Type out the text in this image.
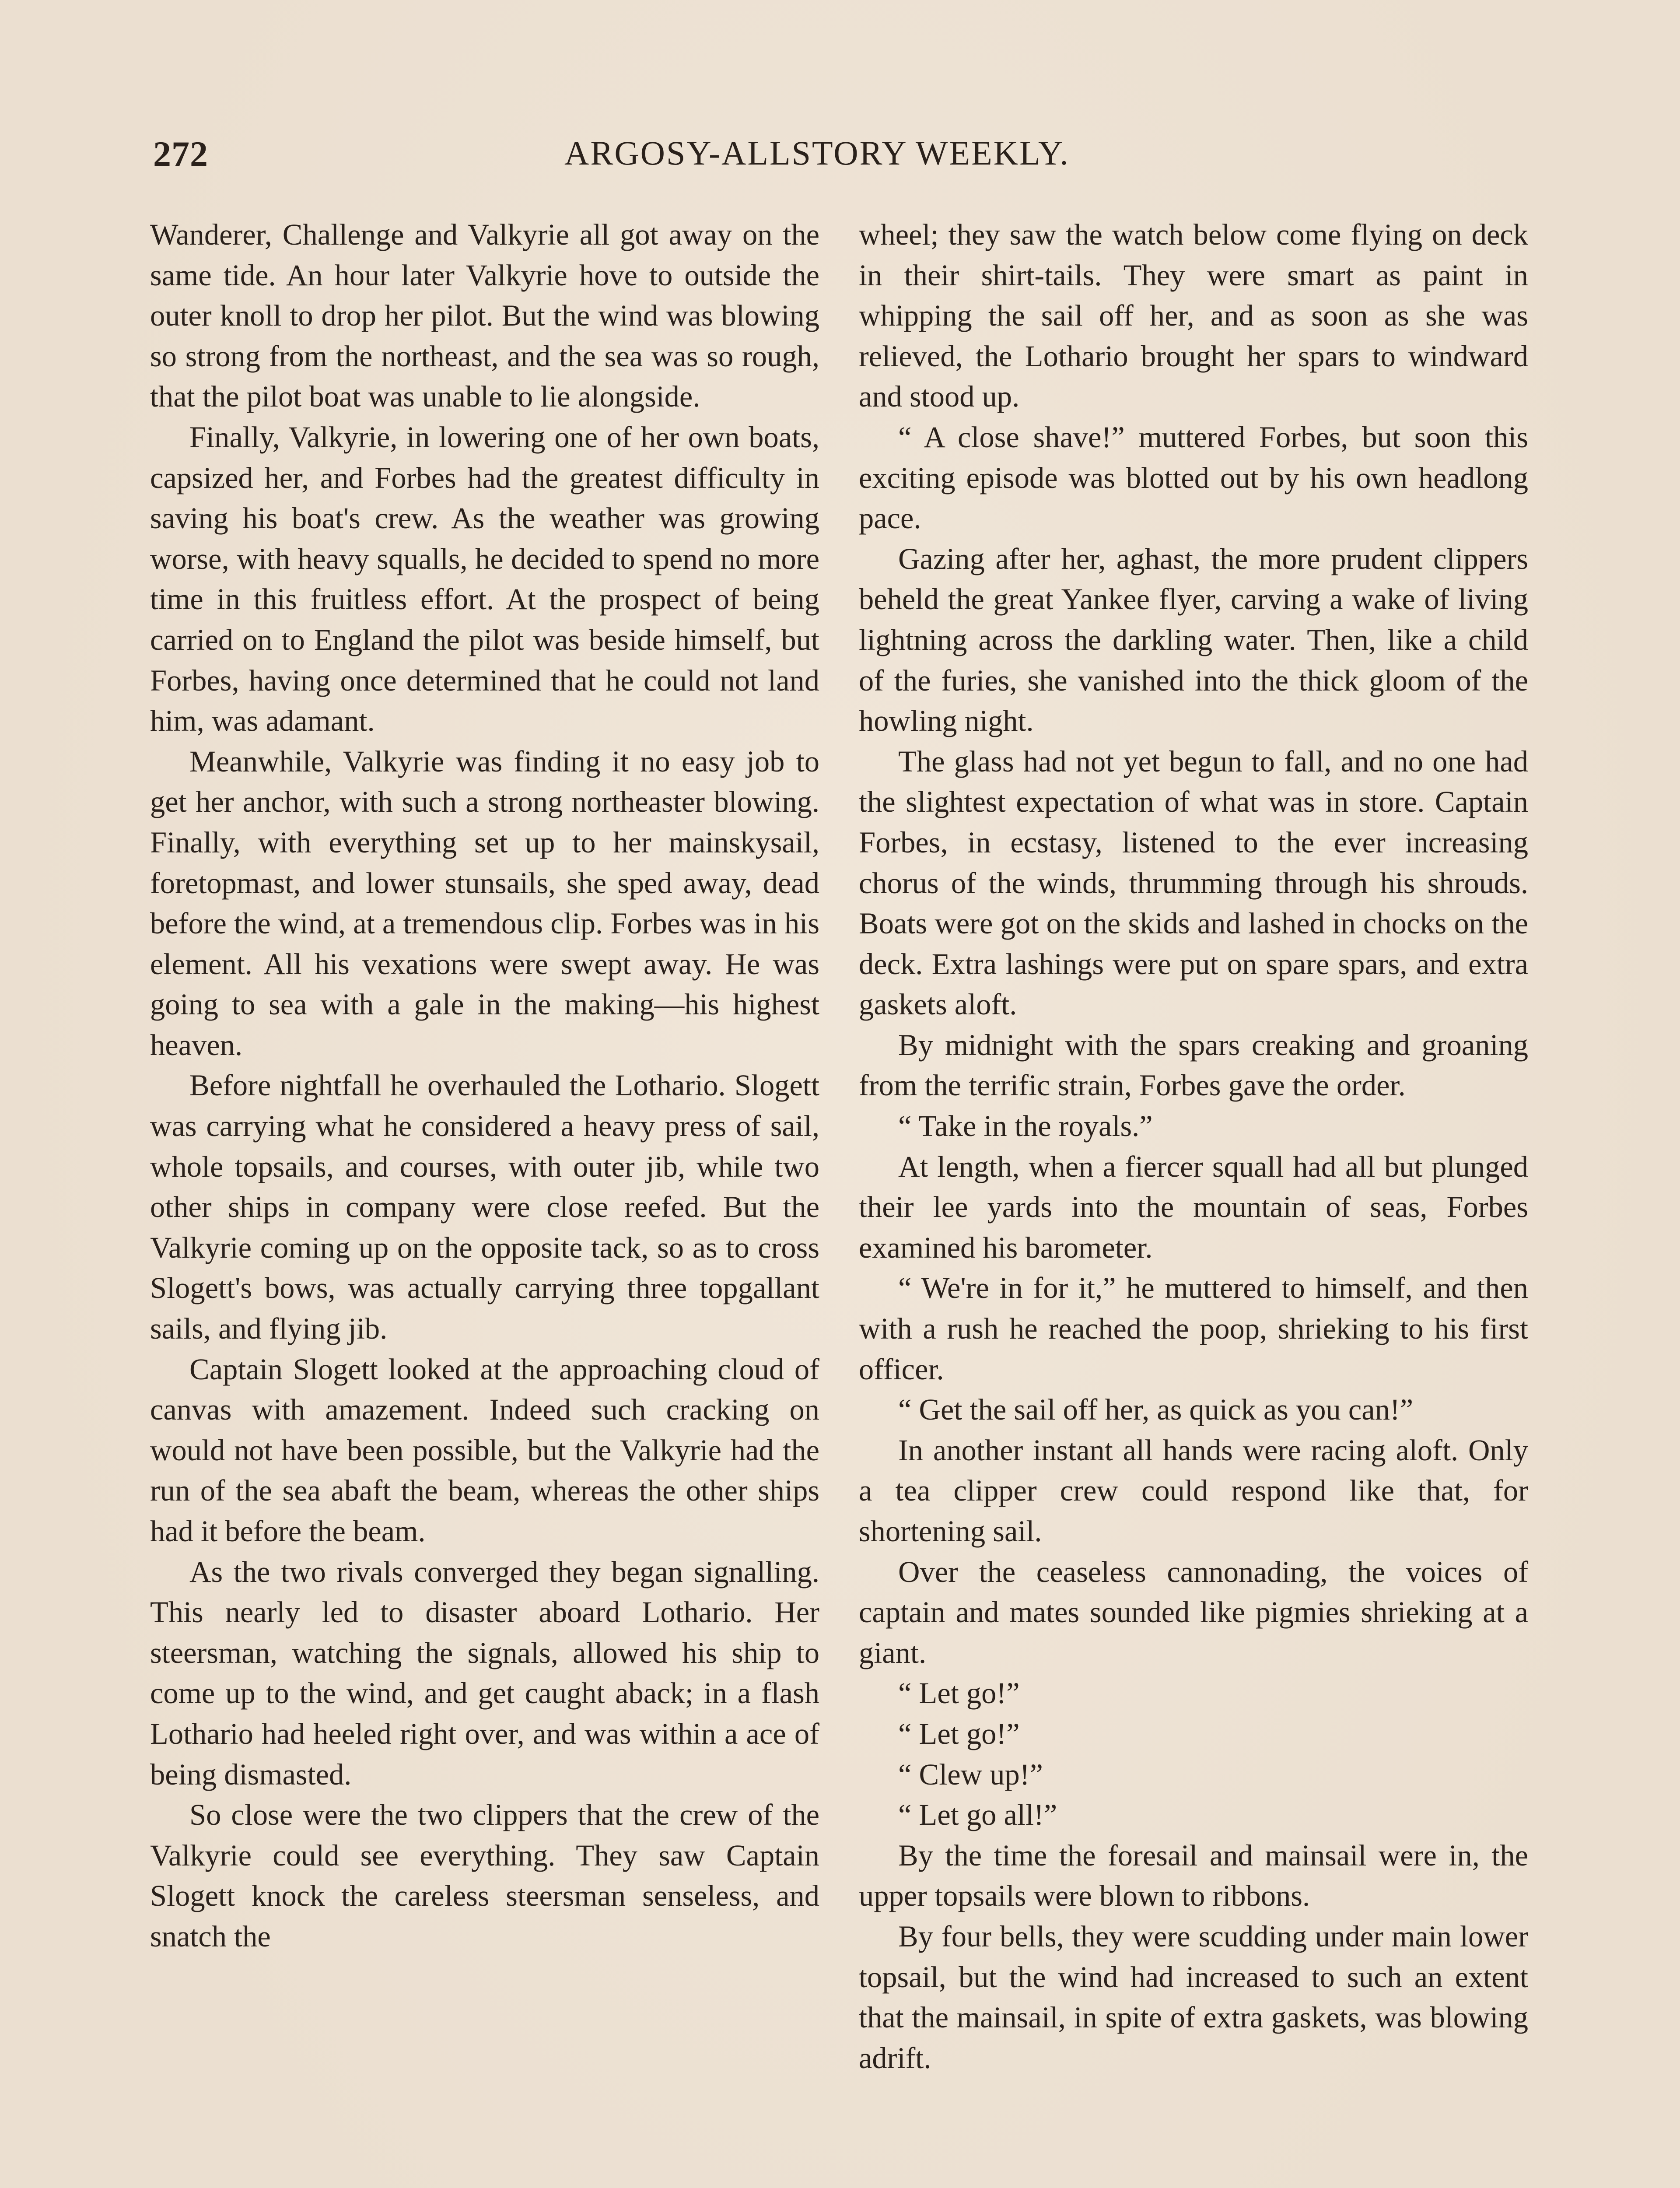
272	ARGOSY-ALLSTORY WEEKLY.

Wanderer, Challenge and Valkyrie all got away on the same tide. An hour later Valkyrie hove to outside the outer knoll to drop her pilot. But the wind was blowing so strong from the northeast, and the sea was so rough, that the pilot boat was unable to lie alongside.

Finally, Valkyrie, in lowering one of her own boats, capsized her, and Forbes had the greatest difficulty in saving his boat's crew. As the weather was growing worse, with heavy squalls, he decided to spend no more time in this fruitless effort. At the prospect of being carried on to England the pilot was beside himself, but Forbes, having once determined that he could not land him, was adamant.

Meanwhile, Valkyrie was finding it no easy job to get her anchor, with such a strong northeaster blowing. Finally, with everything set up to her mainskysail, foretopmast, and lower stunsails, she sped away, dead before the wind, at a tremendous clip. Forbes was in his element. All his vexations were swept away. He was going to sea with a gale in the making—his highest heaven.

Before nightfall he overhauled the Lothario. Slogett was carrying what he considered a heavy press of sail, whole topsails, and courses, with outer jib, while two other ships in company were close reefed. But the Valkyrie coming up on the opposite tack, so as to cross Slogett's bows, was actually carrying three topgallant sails, and flying jib.

Captain Slogett looked at the approaching cloud of canvas with amazement. Indeed such cracking on would not have been possible, but the Valkyrie had the run of the sea abaft the beam, whereas the other ships had it before the beam.

As the two rivals converged they began signalling. This nearly led to disaster aboard Lothario. Her steersman, watching the signals, allowed his ship to come up to the wind, and get caught aback; in a flash Lothario had heeled right over, and was within a ace of being dismasted.

So close were the two clippers that the crew of the Valkyrie could see everything. They saw Captain Slogett knock the careless steersman senseless, and snatch the

wheel; they saw the watch below come flying on deck in their shirt-tails. They were smart as paint in whipping the sail off her, and as soon as she was relieved, the Lothario brought her spars to windward and stood up.

“ A close shave!” muttered Forbes, but soon this exciting episode was blotted out by his own headlong pace.

Gazing after her, aghast, the more prudent clippers beheld the great Yankee flyer, carving a wake of living lightning across the darkling water. Then, like a child of the furies, she vanished into the thick gloom of the howling night.

The glass had not yet begun to fall, and no one had the slightest expectation of what was in store. Captain Forbes, in ecstasy, listened to the ever increasing chorus of the winds, thrumming through his shrouds. Boats were got on the skids and lashed in chocks on the deck. Extra lashings were put on spare spars, and extra gaskets aloft.

By midnight with the spars creaking and groaning from the terrific strain, Forbes gave the order.

“ Take in the royals.”

At length, when a fiercer squall had all but plunged their lee yards into the mountain of seas, Forbes examined his barometer.

“ We're in for it,” he muttered to himself, and then with a rush he reached the poop, shrieking to his first officer.

“ Get the sail off her, as quick as you can!”

In another instant all hands were racing aloft. Only a tea clipper crew could respond like that, for shortening sail.

Over the ceaseless cannonading, the voices of captain and mates sounded like pigmies shrieking at a giant.

“ Let go!”

“ Let go!”

“ Clew up!”

“ Let go all!”

By the time the foresail and mainsail were in, the upper topsails were blown to ribbons.

By four bells, they were scudding under main lower topsail, but the wind had increased to such an extent that the mainsail, in spite of extra gaskets, was blowing adrift.
